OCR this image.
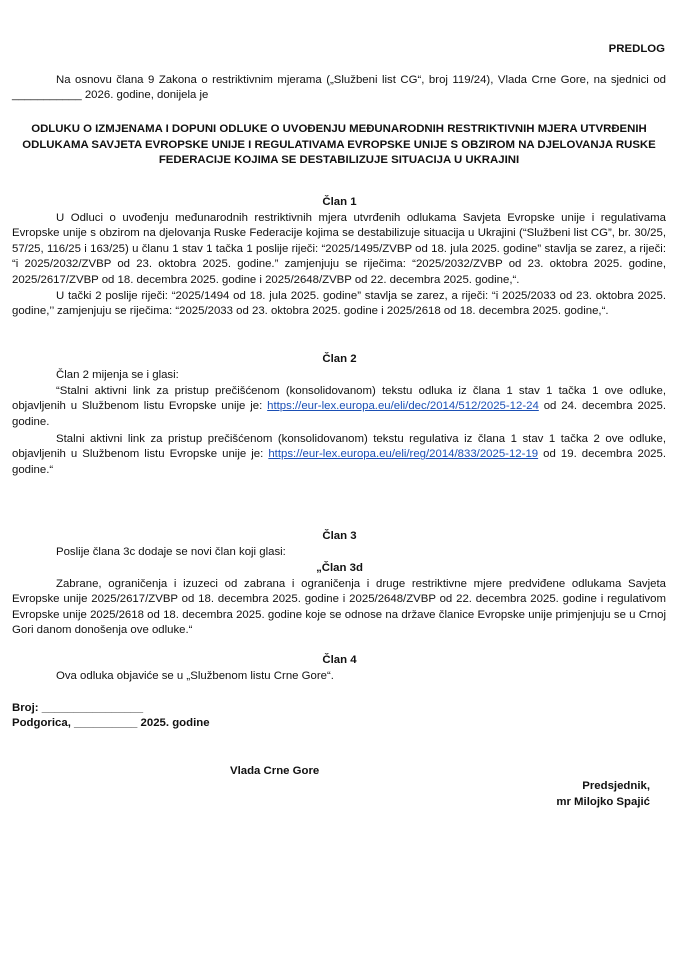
PREDLOG
Na osnovu člana 9 Zakona o restriktivnim mjerama („Službeni list CG“, broj 119/24), Vlada Crne Gore, na sjednici od ___________ 2026. godine, donijela je
ODLUKU O IZMJENAMA I DOPUNI ODLUKE O UVOĐENJU MEĐUNARODNIH RESTRIKTIVNIH MJERA UTVRĐENIH ODLUKAMA SAVJETA EVROPSKE UNIJE I REGULATIVAMA EVROPSKE UNIJE S OBZIROM NA DJELOVANJA RUSKE FEDERACIJE KOJIMA SE DESTABILIZUJE SITUACIJA U UKRAJINI
Član 1
U Odluci o uvođenju međunarodnih restriktivnih mjera utvrđenih odlukama Savjeta Evropske unije i regulativama Evropske unije s obzirom na djelovanja Ruske Federacije kojima se destabilizuje situacija u Ukrajini (“Službeni list CG”, br. 30/25, 57/25, 116/25 i 163/25) u članu 1 stav 1 tačka 1 poslije riječi: “2025/1495/ZVBP od 18. jula 2025. godine” stavlja se zarez, a riječi: “i 2025/2032/ZVBP od 23. oktobra 2025. godine.” zamjenjuju se riječima: “2025/2032/ZVBP od 23. oktobra 2025. godine, 2025/2617/ZVBP od 18. decembra 2025. godine i 2025/2648/ZVBP od 22. decembra 2025. godine,“.
U tački 2 poslije riječi: “2025/1494 od 18. jula 2025. godine” stavlja se zarez, a riječi: “i 2025/2033 od 23. oktobra 2025. godine,’’ zamjenjuju se riječima: “2025/2033 od 23. oktobra 2025. godine i 2025/2618 od 18. decembra 2025. godine,“.
Član 2
Član 2 mijenja se i glasi:
“Stalni aktivni link za pristup prečišćenom (konsolidovanom) tekstu odluka iz člana 1 stav 1 tačka 1 ove odluke, objavljenih u Službenom listu Evropske unije je: https://eur-lex.europa.eu/eli/dec/2014/512/2025-12-24 od 24. decembra 2025. godine.
Stalni aktivni link za pristup prečišćenom (konsolidovanom) tekstu regulativa iz člana 1 stav 1 tačka 2 ove odluke, objavljenih u Službenom listu Evropske unije je: https://eur-lex.europa.eu/eli/reg/2014/833/2025-12-19 od 19. decembra 2025. godine.“
Član 3
Poslije člana 3c dodaje se novi član koji glasi:
„Član 3d
Zabrane, ograničenja i izuzeci od zabrana i ograničenja i druge restriktivne mjere predviđene odlukama Savjeta Evropske unije 2025/2617/ZVBP od 18. decembra 2025. godine i 2025/2648/ZVBP od 22. decembra 2025. godine i regulativom Evropske unije 2025/2618 od 18. decembra 2025. godine koje se odnose na države članice Evropske unije primjenjuju se u Crnoj Gori danom donošenja ove odluke.“
Član 4
Ova odluka objaviće se u „Službenom listu Crne Gore“.
Broj: ________________
Podgorica, __________ 2025. godine
Vlada Crne Gore
Predsjednik,
mr Milojko Spajić
